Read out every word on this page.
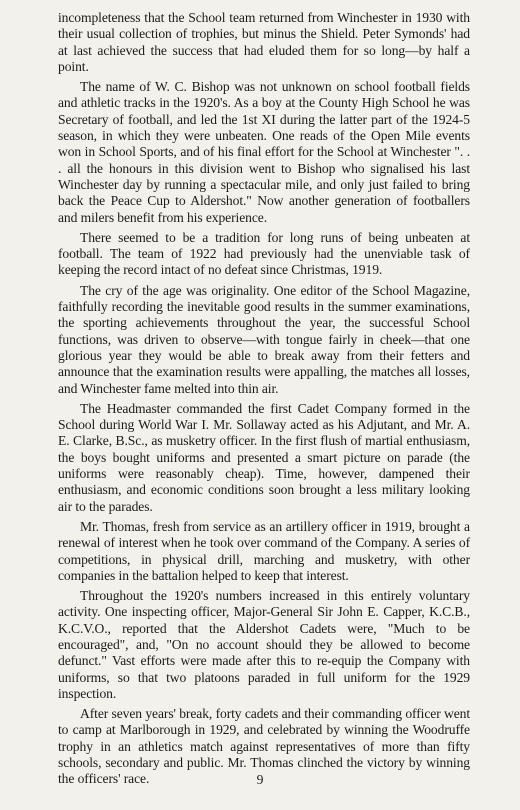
incompleteness that the School team returned from Winchester in 1930 with their usual collection of trophies, but minus the Shield. Peter Symonds' had at last achieved the success that had eluded them for so long—by half a point.

The name of W. C. Bishop was not unknown on school football fields and athletic tracks in the 1920's. As a boy at the County High School he was Secretary of football, and led the 1st XI during the latter part of the 1924-5 season, in which they were unbeaten. One reads of the Open Mile events won in School Sports, and of his final effort for the School at Winchester ". . . all the honours in this division went to Bishop who signalised his last Winchester day by running a spectacular mile, and only just failed to bring back the Peace Cup to Aldershot." Now another generation of footballers and milers benefit from his experience.

There seemed to be a tradition for long runs of being unbeaten at football. The team of 1922 had previously had the unenviable task of keeping the record intact of no defeat since Christmas, 1919.

The cry of the age was originality. One editor of the School Magazine, faithfully recording the inevitable good results in the summer examinations, the sporting achievements throughout the year, the successful School functions, was driven to observe—with tongue fairly in cheek—that one glorious year they would be able to break away from their fetters and announce that the examination results were appalling, the matches all losses, and Winchester fame melted into thin air.

The Headmaster commanded the first Cadet Company formed in the School during World War I. Mr. Sollaway acted as his Adjutant, and Mr. A. E. Clarke, B.Sc., as musketry officer. In the first flush of martial enthusiasm, the boys bought uniforms and presented a smart picture on parade (the uniforms were reasonably cheap). Time, however, dampened their enthusiasm, and economic conditions soon brought a less military looking air to the parades.

Mr. Thomas, fresh from service as an artillery officer in 1919, brought a renewal of interest when he took over command of the Company. A series of competitions, in physical drill, marching and musketry, with other companies in the battalion helped to keep that interest.

Throughout the 1920's numbers increased in this entirely voluntary activity. One inspecting officer, Major-General Sir John E. Capper, K.C.B., K.C.V.O., reported that the Aldershot Cadets were, "Much to be encouraged", and, "On no account should they be allowed to become defunct." Vast efforts were made after this to re-equip the Company with uniforms, so that two platoons paraded in full uniform for the 1929 inspection.

After seven years' break, forty cadets and their commanding officer went to camp at Marlborough in 1929, and celebrated by winning the Woodruffe trophy in an athletics match against representatives of more than fifty schools, secondary and public. Mr. Thomas clinched the victory by winning the officers' race.	9
